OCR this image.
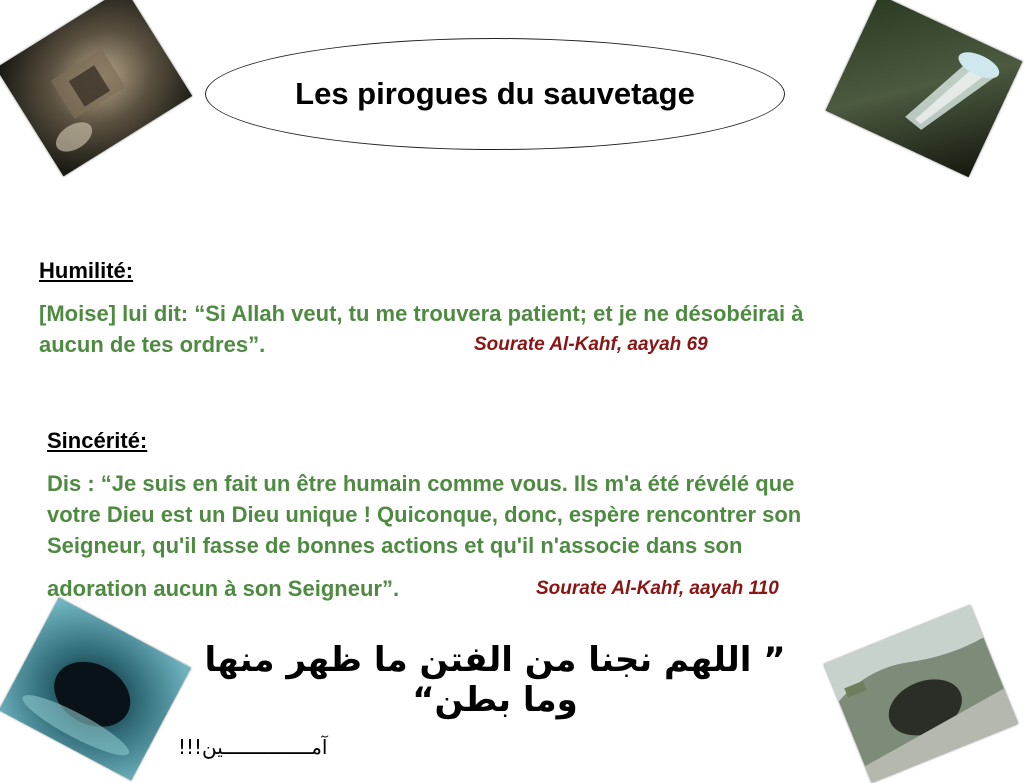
Les pirogues du sauvetage
Humilité:
[Moise] lui dit: “Si Allah veut, tu me trouvera patient; et je ne désobéirai à
aucun de tes ordres”.	Sourate Al-Kahf, aayah 69
Sincérité:
Dis : “Je suis en fait un être humain comme vous. Ils m'a été révélé que
votre Dieu est un Dieu unique ! Quiconque, donc, espère rencontrer son
Seigneur, qu'il fasse de bonnes actions et qu'il n'associe dans son
adoration aucun à son Seigneur”.	Sourate Al-Kahf, aayah 110
” اللهم نجنا من الفتن ما ظهر منها وما بطن“
آمـــــــــــــــين!!!
